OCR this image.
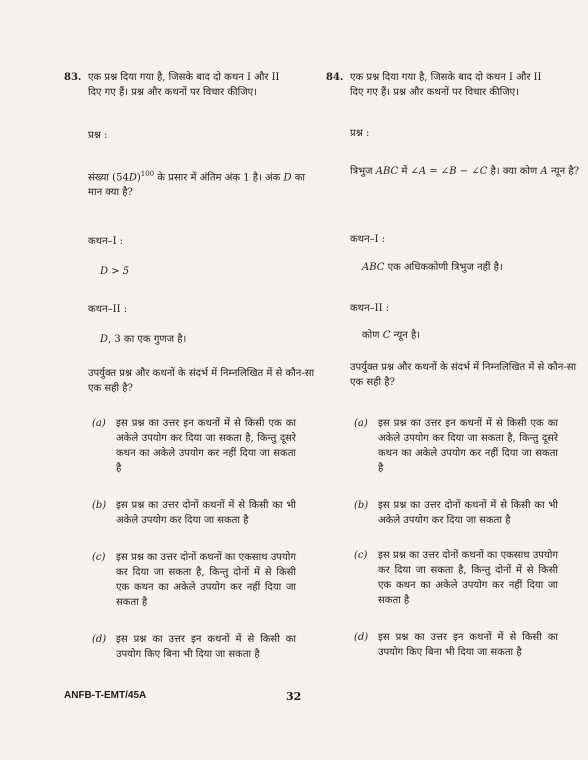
83. एक प्रश्न दिया गया है, जिसके बाद दो कथन I और II दिए गए हैं। प्रश्न और कथनों पर विचार कीजिए।
प्रश्न :
संख्या $(54D)^{100}$ के प्रसार में अंतिम अंक 1 है। अंक D का मान क्या है?
कथन–I :
D > 5
कथन–II :
D, 3 का एक गुणज है।
उपर्युक्त प्रश्न और कथनों के संदर्भ में निम्नलिखित में से कौन-सा एक सही है?
(a)	इस प्रश्न का उत्तर इन कथनों में से किसी एक का अकेले उपयोग कर दिया जा सकता है, किन्तु दूसरे कथन का अकेले उपयोग कर नहीं दिया जा सकता है
(b) इस प्रश्न का उत्तर दोनों कथनों में से किसी का भी अकेले उपयोग कर दिया जा सकता है
(c)	इस प्रश्न का उत्तर दोनों कथनों का एकसाथ उपयोग कर दिया जा सकता है, किन्तु दोनों में से किसी एक कथन का अकेले उपयोग कर नहीं दिया जा सकता है
(d) इस प्रश्न का उत्तर इन कथनों में से किसी का उपयोग किए बिना भी दिया जा सकता है
84. एक प्रश्न दिया गया है, जिसके बाद दो कथन I और II दिए गए हैं। प्रश्न और कथनों पर विचार कीजिए।
प्रश्न :
त्रिभुज ABC में ∠A = ∠B − ∠C है। क्या कोण A न्यून है?
कथन–I :
ABC एक अधिककोणी त्रिभुज नहीं है।
कथन–II :
कोण C न्यून है।
उपर्युक्त प्रश्न और कथनों के संदर्भ में निम्नलिखित में से कौन-सा एक सही है?
(a)	इस प्रश्न का उत्तर इन कथनों में से किसी एक का अकेले उपयोग कर दिया जा सकता है, किन्तु दूसरे कथन का अकेले उपयोग कर नहीं दिया जा सकता है
(b) इस प्रश्न का उत्तर दोनों कथनों में से किसी का भी अकेले उपयोग कर दिया जा सकता है
(c)	इस प्रश्न का उत्तर दोनों कथनों का एकसाथ उपयोग कर दिया जा सकता है, किन्तु दोनों में से किसी एक कथन का अकेले उपयोग कर नहीं दिया जा सकता है
(d) इस प्रश्न का उत्तर इन कथनों में से किसी का उपयोग किए बिना भी दिया जा सकता है
ANFB-T-EMT/45A	32
